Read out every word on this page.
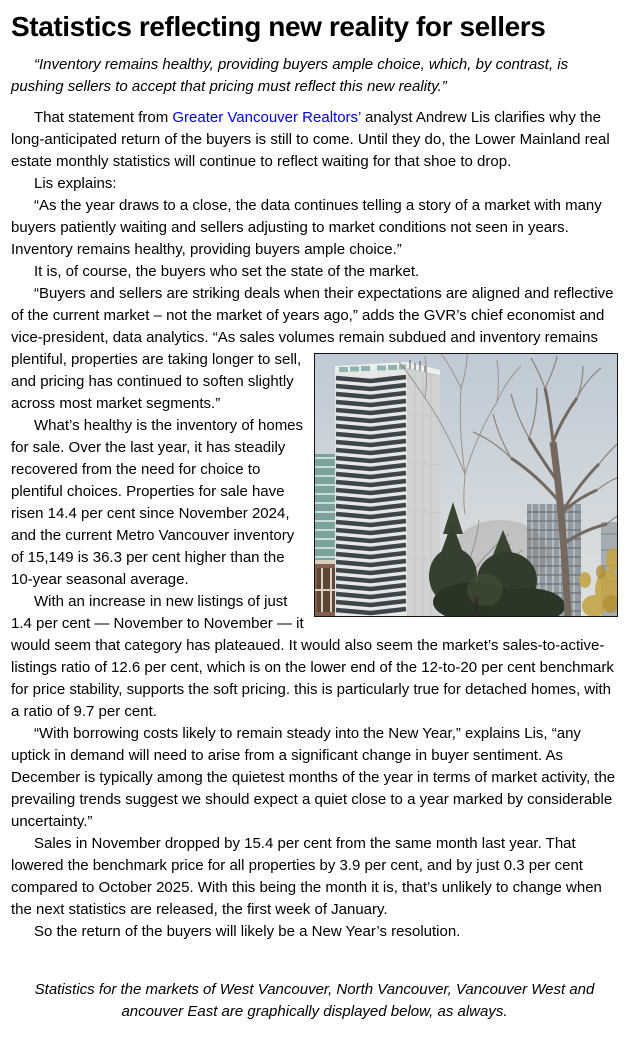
Statistics reflecting new reality for sellers

“Inventory remains healthy, providing buyers ample choice, which, by contrast, is pushing sellers to accept that pricing must reflect this new reality.”

That statement from Greater Vancouver Realtors’ analyst Andrew Lis clarifies why the long-anticipated return of the buyers is still to come. Until they do, the Lower Mainland real estate monthly statistics will continue to reflect waiting for that shoe to drop.

Lis explains:

“As the year draws to a close, the data continues telling a story of a market with many buyers patiently waiting and sellers adjusting to market conditions not seen in years. Inventory remains healthy, providing buyers ample choice.”

It is, of course, the buyers who set the state of the market.

“Buyers and sellers are striking deals when their expectations are aligned and reflective of the current market – not the market of years ago,” adds the GVR’s chief economist and vice-president, data analytics. “As sales volumes remain subdued and inventory remains plentiful,
properties are taking longer to sell, and pricing has continued to soften slightly across most market segments.”

What’s healthy is the inventory of homes for sale. Over the last year, it has steadily recovered from the need for choice to plentiful choices. Properties for sale have risen 14.4 per cent since November 2024, and the current Metro Vancouver inventory of 15,149 is 36.3 per cent higher than the 10-year seasonal average.

With an increase in new listings of just 1.4 per cent — November to November — it would seem that category has plateaued. It would also seem the market’s sales-to-active-listings ratio of 12.6 per cent, which is on the lower end of the 12-to-20 per cent benchmark for price stability, supports the soft pricing. this is particularly true for detached homes, with a ratio of 9.7 per cent.

“With borrowing costs likely to remain steady into the New Year,” explains Lis, “any uptick in demand will need to arise from a significant change in buyer sentiment. As December is typically among the quietest months of the year in terms of market activity, the prevailing trends suggest we should expect a quiet close to a year marked by considerable uncertainty.”

Sales in November dropped by 15.4 per cent from the same month last year. That lowered the benchmark price for all properties by 3.9 per cent, and by just 0.3 per cent compared to October 2025. With this being the month it is, that’s unlikely to change when the next statistics are released, the first week of January.

So the return of the buyers will likely be a New Year’s resolution.

Statistics for the markets of West Vancouver, North Vancouver, Vancouver West and ancouver East are graphically displayed below, as always.
